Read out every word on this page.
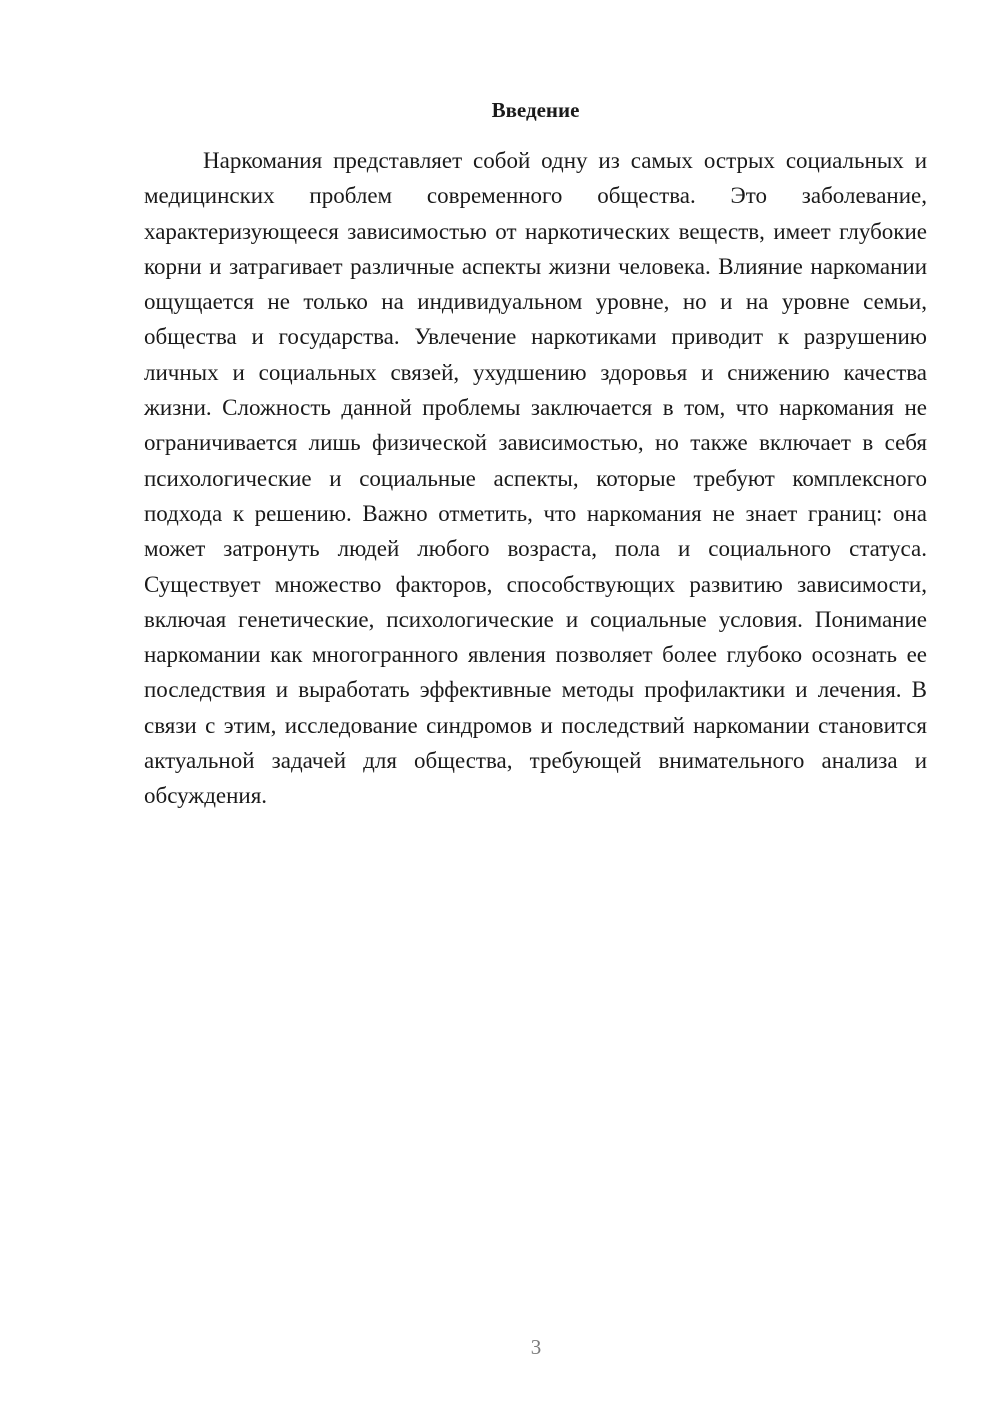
Введение

Наркомания представляет собой одну из самых острых социальных и медицинских проблем современного общества. Это заболевание, характеризующееся зависимостью от наркотических веществ, имеет глубокие корни и затрагивает различные аспекты жизни человека. Влияние наркомании ощущается не только на индивидуальном уровне, но и на уровне семьи, общества и государства. Увлечение наркотиками приводит к разрушению личных и социальных связей, ухудшению здоровья и снижению качества жизни. Сложность данной проблемы заключается в том, что наркомания не ограничивается лишь физической зависимостью, но также включает в себя психологические и социальные аспекты, которые требуют комплексного подхода к решению. Важно отметить, что наркомания не знает границ: она может затронуть людей любого возраста, пола и социального статуса. Существует множество факторов, способствующих развитию зависимости, включая генетические, психологические и социальные условия. Понимание наркомании как многогранного явления позволяет более глубоко осознать ее последствия и выработать эффективные методы профилактики и лечения. В связи с этим, исследование синдромов и последствий наркомании становится актуальной задачей для общества, требующей внимательного анализа и обсуждения.

3
